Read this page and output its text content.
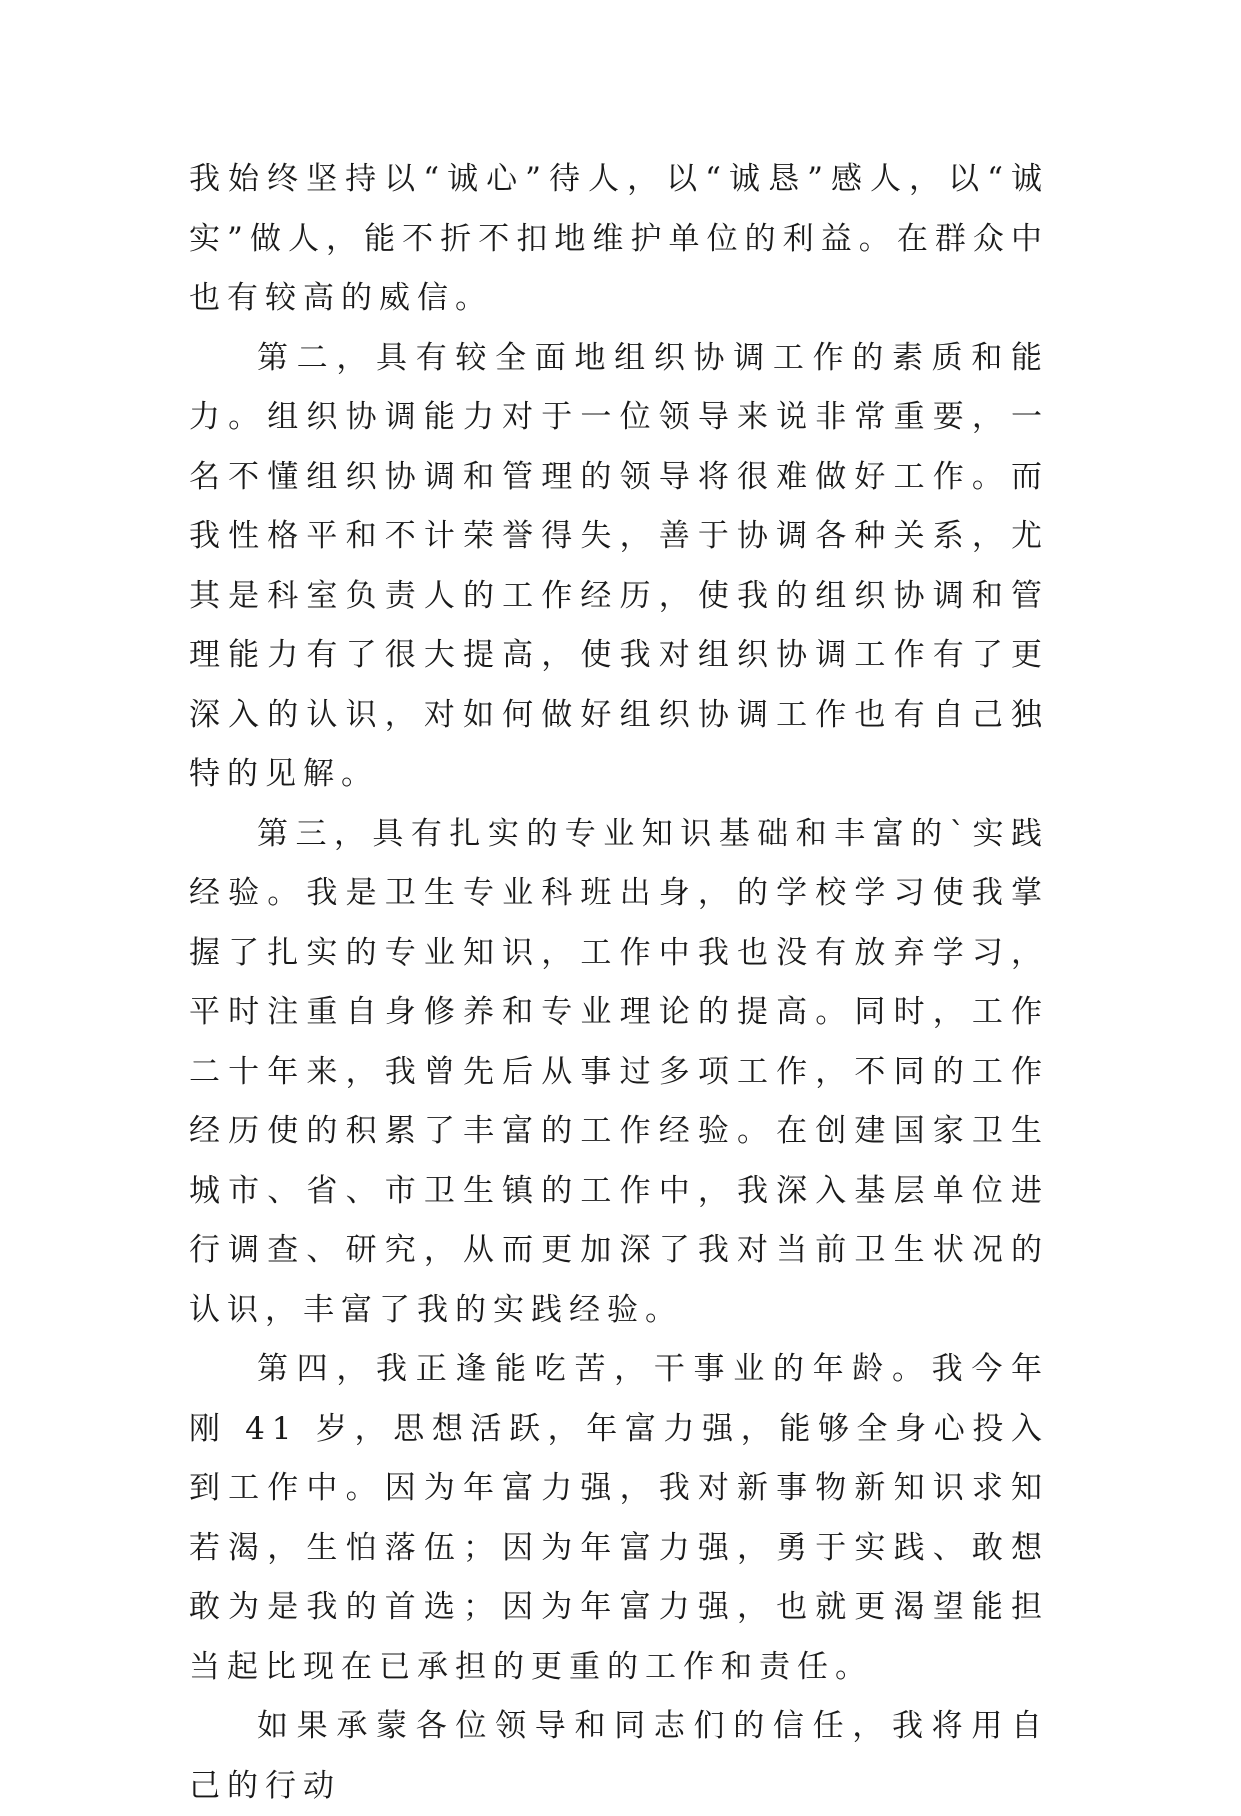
我始终坚持以“诚心”待人，以“诚恳”感人，以“诚实”做人，能不折不扣地维护单位的利益。在群众中也有较高的威信。

第二，具有较全面地组织协调工作的素质和能力。组织协调能力对于一位领导来说非常重要，一名不懂组织协调和管理的领导将很难做好工作。而我性格平和不计荣誉得失，善于协调各种关系，尤其是科室负责人的工作经历，使我的组织协调和管理能力有了很大提高，使我对组织协调工作有了更深入的认识，对如何做好组织协调工作也有自己独特的见解。

第三，具有扎实的专业知识基础和丰富的`实践经验。我是卫生专业科班出身，的学校学习使我掌握了扎实的专业知识，工作中我也没有放弃学习，平时注重自身修养和专业理论的提高。同时，工作二十年来，我曾先后从事过多项工作，不同的工作经历使的积累了丰富的工作经验。在创建国家卫生城市、省、市卫生镇的工作中，我深入基层单位进行调查、研究，从而更加深了我对当前卫生状况的认识，丰富了我的实践经验。

第四，我正逢能吃苦，干事业的年龄。我今年刚 41 岁，思想活跃，年富力强，能够全身心投入到工作中。因为年富力强，我对新事物新知识求知若渴，生怕落伍；因为年富力强，勇于实践、敢想敢为是我的首选；因为年富力强，也就更渴望能担当起比现在已承担的更重的工作和责任。

如果承蒙各位领导和同志们的信任，我将用自己的行动
